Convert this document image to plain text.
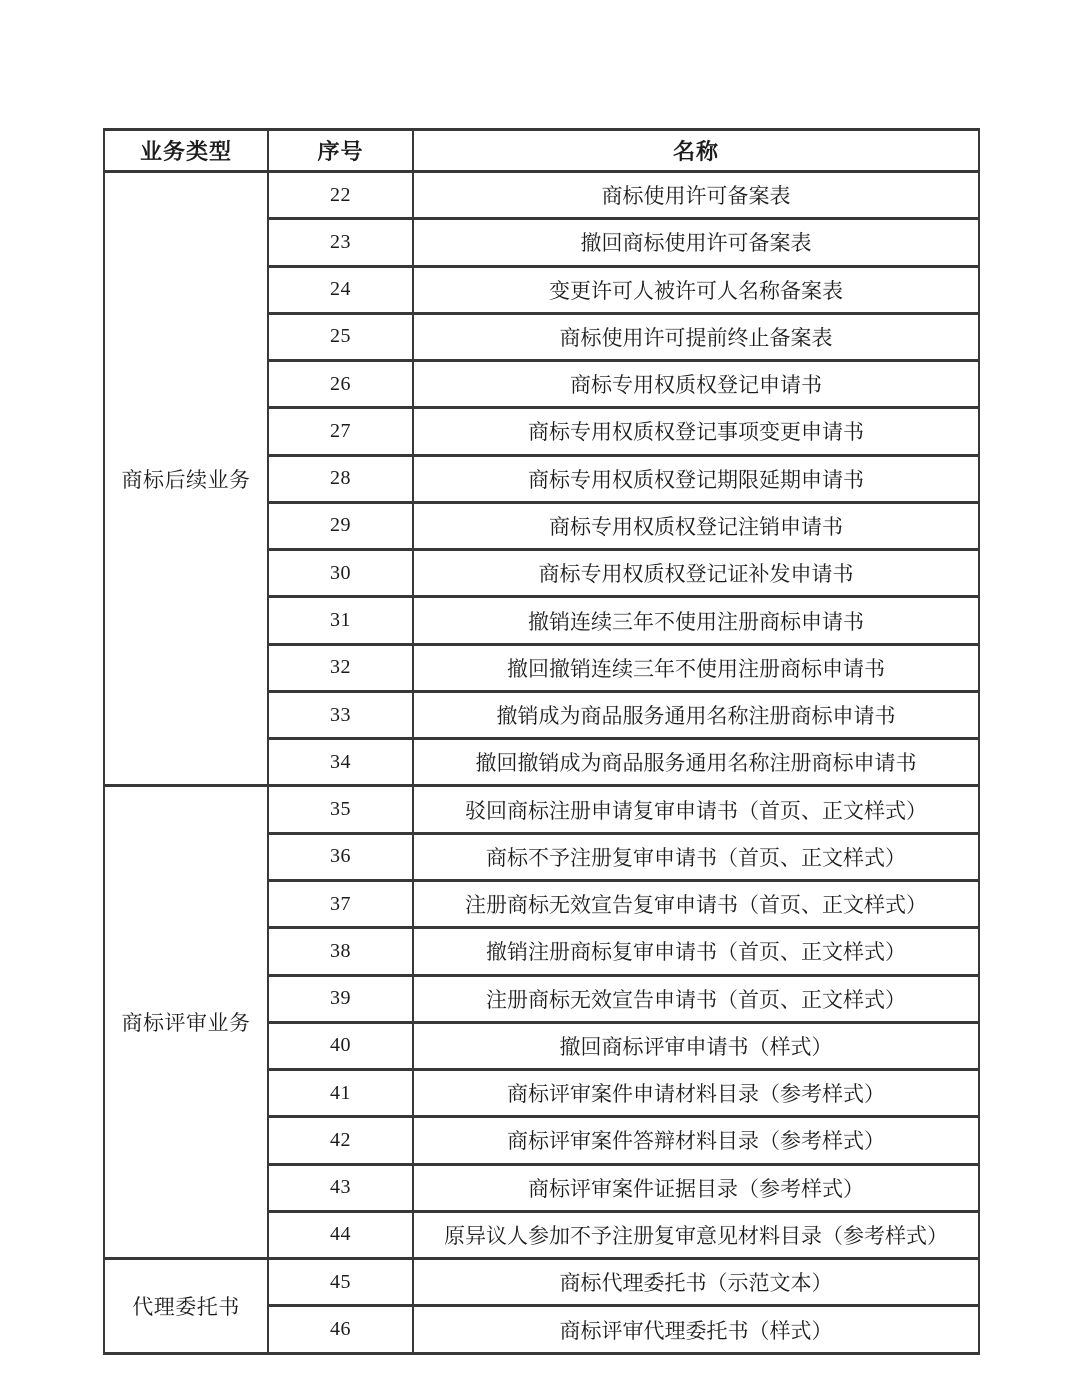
业务类型	序号	名称
商标后续业务	22	商标使用许可备案表
	23	撤回商标使用许可备案表
	24	变更许可人被许可人名称备案表
	25	商标使用许可提前终止备案表
	26	商标专用权质权登记申请书
	27	商标专用权质权登记事项变更申请书
	28	商标专用权质权登记期限延期申请书
	29	商标专用权质权登记注销申请书
	30	商标专用权质权登记证补发申请书
	31	撤销连续三年不使用注册商标申请书
	32	撤回撤销连续三年不使用注册商标申请书
	33	撤销成为商品服务通用名称注册商标申请书
	34	撤回撤销成为商品服务通用名称注册商标申请书
商标评审业务	35	驳回商标注册申请复审申请书（首页、正文样式）
	36	商标不予注册复审申请书（首页、正文样式）
	37	注册商标无效宣告复审申请书（首页、正文样式）
	38	撤销注册商标复审申请书（首页、正文样式）
	39	注册商标无效宣告申请书（首页、正文样式）
	40	撤回商标评审申请书（样式）
	41	商标评审案件申请材料目录（参考样式）
	42	商标评审案件答辩材料目录（参考样式）
	43	商标评审案件证据目录（参考样式）
	44	原异议人参加不予注册复审意见材料目录（参考样式）
代理委托书	45	商标代理委托书（示范文本）
	46	商标评审代理委托书（样式）
